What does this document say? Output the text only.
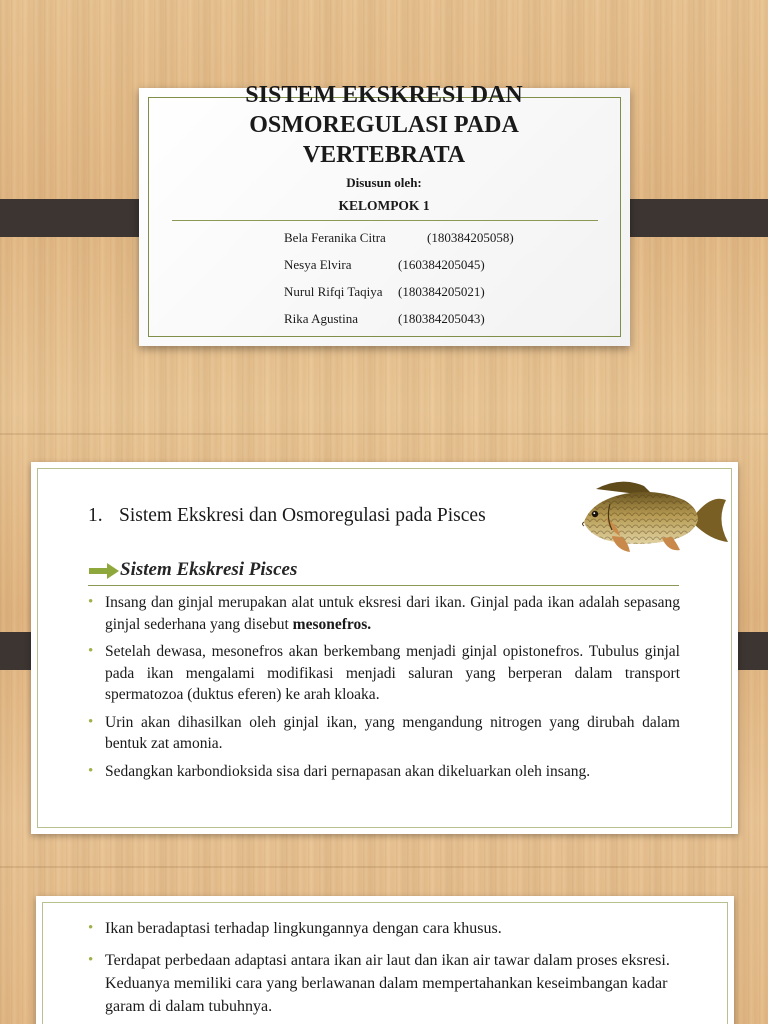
SISTEM EKSKRESI DAN
OSMOREGULASI PADA
VERTEBRATA
Disusun oleh:
KELOMPOK 1
Bela Feranika Citra	(180384205058)
Nesya Elvira	(160384205045)
Nurul Rifqi Taqiya (180384205021)
Rika Agustina	(180384205043)
1. Sistem Ekskresi dan Osmoregulasi pada Pisces
Sistem Ekskresi Pisces
• Insang dan ginjal merupakan alat untuk eksresi dari ikan. Ginjal pada ikan adalah sepasang ginjal sederhana yang disebut mesonefros.
• Setelah dewasa, mesonefros akan berkembang menjadi ginjal opistonefros. Tubulus ginjal pada ikan mengalami modifikasi menjadi saluran yang berperan dalam transport spermatozoa (duktus eferen) ke arah kloaka.
• Urin akan dihasilkan oleh ginjal ikan, yang mengandung nitrogen yang dirubah dalam bentuk zat amonia.
• Sedangkan karbondioksida sisa dari pernapasan akan dikeluarkan oleh insang.
• Ikan beradaptasi terhadap lingkungannya dengan cara khusus.
• Terdapat perbedaan adaptasi antara ikan air laut dan ikan air tawar dalam proses eksresi. Keduanya memiliki cara yang berlawanan dalam mempertahankan keseimbangan kadar garam di dalam tubuhnya.
